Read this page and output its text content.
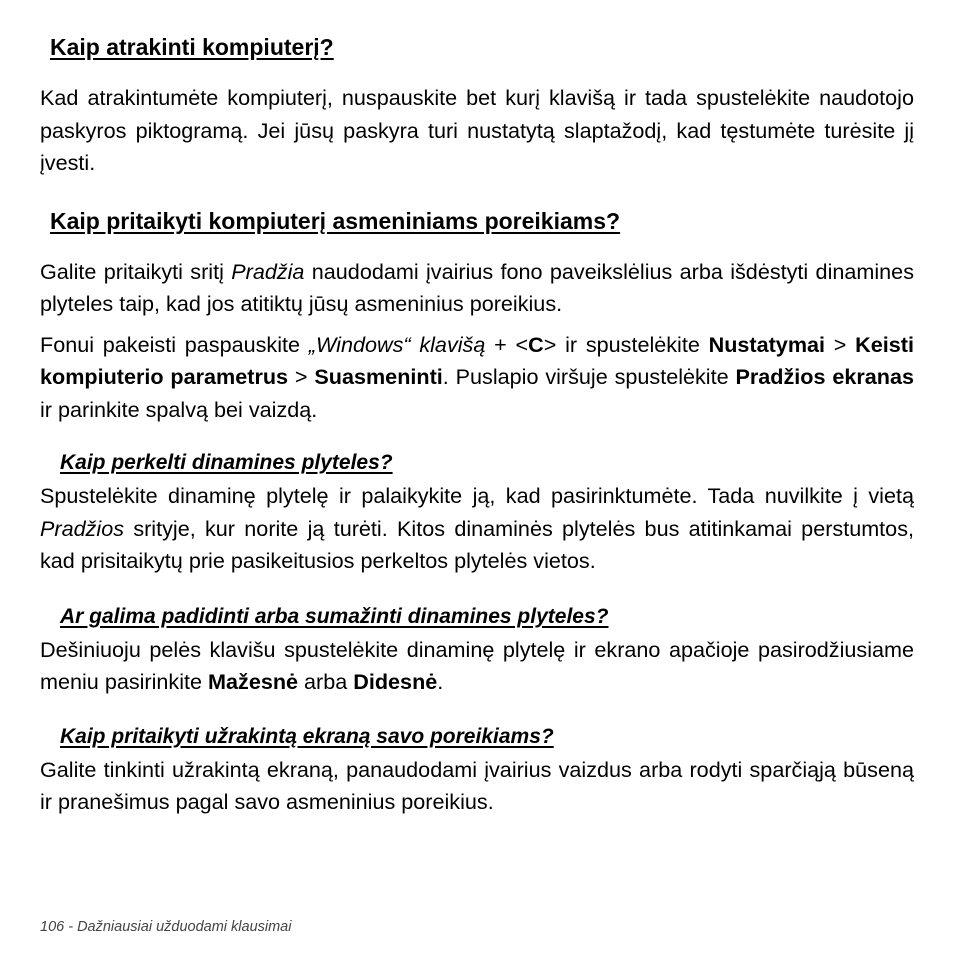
Kaip atrakinti kompiuterį?

Kad atrakintumėte kompiuterį, nuspauskite bet kurį klavišą ir tada spustelėkite naudotojo paskyros piktogramą. Jei jūsų paskyra turi nustatytą slaptažodį, kad tęstumėte turėsite jį įvesti.

Kaip pritaikyti kompiuterį asmeniniams poreikiams?

Galite pritaikyti sritį Pradžia naudodami įvairius fono paveikslėlius arba išdėstyti dinamines plyteles taip, kad jos atitiktų jūsų asmeninius poreikius.

Fonui pakeisti paspauskite „Windows“ klavišą + <C> ir spustelėkite Nustatymai > Keisti kompiuterio parametrus > Suasmeninti. Puslapio viršuje spustelėkite Pradžios ekranas ir parinkite spalvą bei vaizdą.

Kaip perkelti dinamines plyteles?

Spustelėkite dinaminę plytelę ir palaikykite ją, kad pasirinktumėte. Tada nuvilkite į vietą Pradžios srityje, kur norite ją turėti. Kitos dinaminės plytelės bus atitinkamai perstumtos, kad prisitaikytų prie pasikeitusios perkeltos plytelės vietos.

Ar galima padidinti arba sumažinti dinamines plyteles?

Dešiniuoju pelės klavišu spustelėkite dinaminę plytelę ir ekrano apačioje pasirodžiusiame meniu pasirinkite Mažesnė arba Didesnė.

Kaip pritaikyti užrakintą ekraną savo poreikiams?

Galite tinkinti užrakintą ekraną, panaudodami įvairius vaizdus arba rodyti sparčiąją būseną ir pranešimus pagal savo asmeninius poreikius.

106 - Dažniausiai užduodami klausimai
